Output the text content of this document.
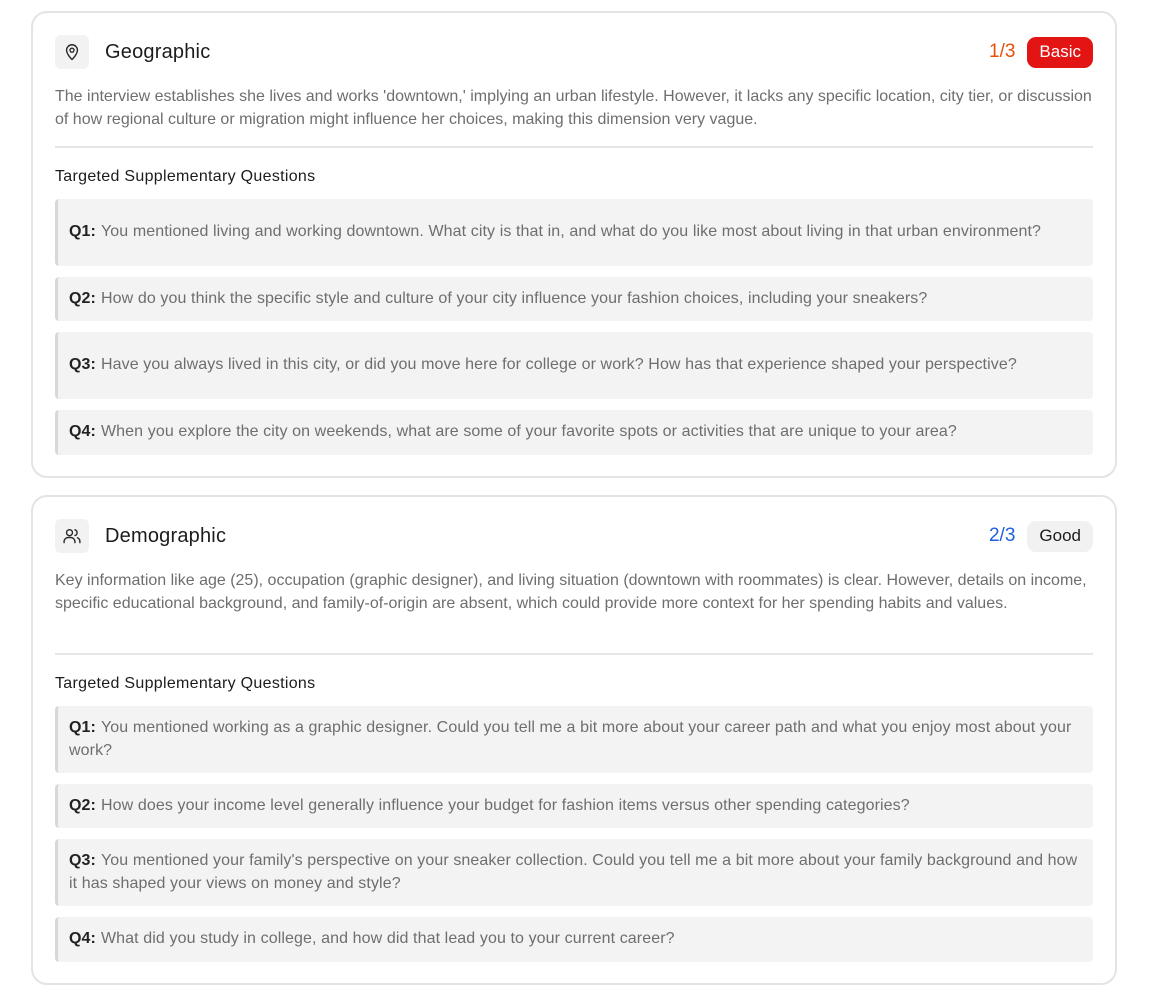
Geographic	1/3	Basic
The interview establishes she lives and works 'downtown,' implying an urban lifestyle. However, it lacks any specific location, city tier, or discussion of how regional culture or migration might influence her choices, making this dimension very vague.
Targeted Supplementary Questions
Q1: You mentioned living and working downtown. What city is that in, and what do you like most about living in that urban environment?
Q2: How do you think the specific style and culture of your city influence your fashion choices, including your sneakers?
Q3: Have you always lived in this city, or did you move here for college or work? How has that experience shaped your perspective?
Q4: When you explore the city on weekends, what are some of your favorite spots or activities that are unique to your area?
Demographic	2/3	Good
Key information like age (25), occupation (graphic designer), and living situation (downtown with roommates) is clear. However, details on income, specific educational background, and family-of-origin are absent, which could provide more context for her spending habits and values.
Targeted Supplementary Questions
Q1: You mentioned working as a graphic designer. Could you tell me a bit more about your career path and what you enjoy most about your work?
Q2: How does your income level generally influence your budget for fashion items versus other spending categories?
Q3: You mentioned your family's perspective on your sneaker collection. Could you tell me a bit more about your family background and how it has shaped your views on money and style?
Q4: What did you study in college, and how did that lead you to your current career?
